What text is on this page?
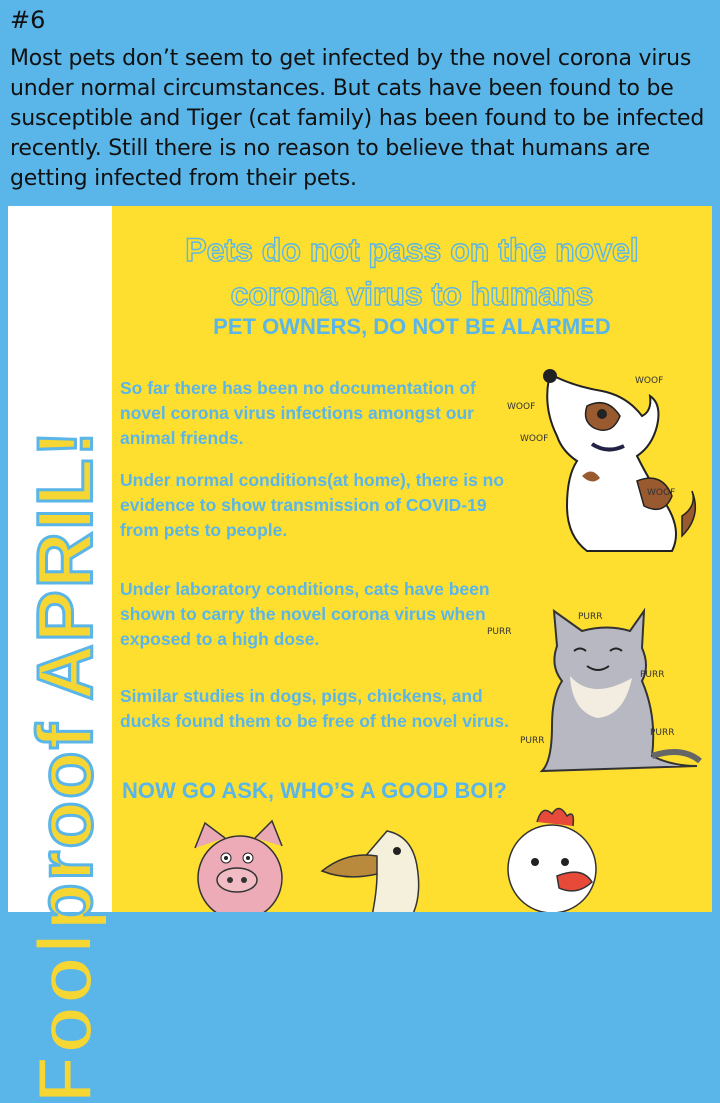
#6
Most pets don’t seem to get infected by the novel corona virus under normal circumstances. But cats have been found to be susceptible and Tiger (cat family) has been found to be infected recently. Still there is no reason to believe that humans are getting infected from their pets.
Foolproof APRIL!
Pets do not pass on the novel
corona virus to humans
PET OWNERS, DO NOT BE ALARMED
So far there has been no documentation of novel corona virus infections amongst our animal friends.
Under normal conditions(at home), there is no evidence to show transmission of COVID-19 from pets to people.
Under laboratory conditions, cats have been shown to carry the novel corona virus when exposed to a high dose.
Similar studies in dogs, pigs, chickens, and ducks found them to be free of the novel virus.
NOW GO ASK, WHO’S A GOOD BOI?
WOOF
WOOF
WOOF
WOOF
PURR
PURR
PURR
PURR
PURR
